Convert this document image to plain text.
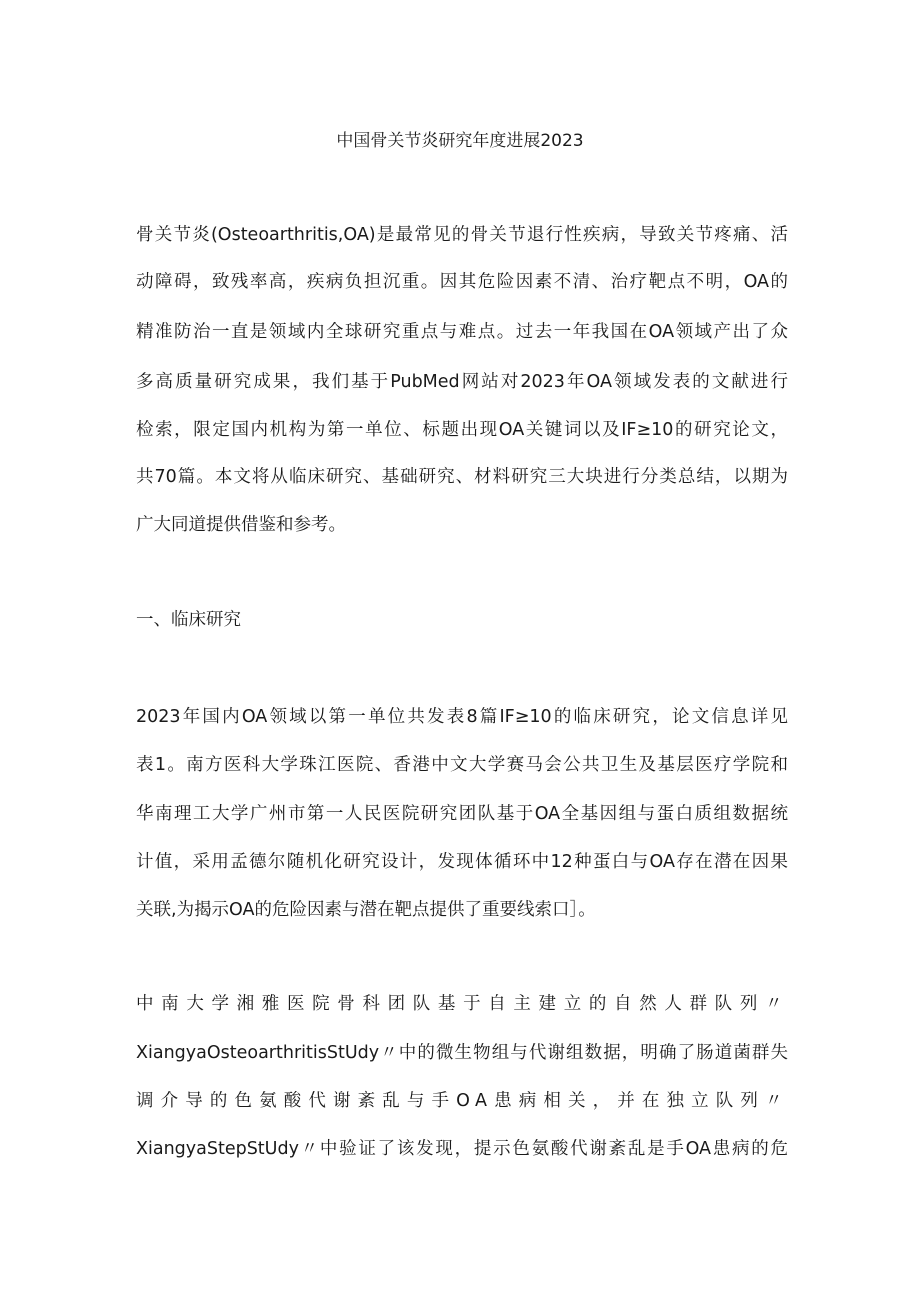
中国骨关节炎研究年度进展2023
骨关节炎(Osteoarthritis,OA)是最常见的骨关节退行性疾病，导致关节疼痛、活
动障碍，致残率高，疾病负担沉重。因其危险因素不清、治疗靶点不明，OA的
精准防治一直是领域内全球研究重点与难点。过去一年我国在OA领域产出了众
多高质量研究成果，我们基于PubMed网站对2023年OA领域发表的文献进行
检索，限定国内机构为第一单位、标题出现OA关键词以及IF≥10的研究论文，
共70篇。本文将从临床研究、基础研究、材料研究三大块进行分类总结，以期为
广大同道提供借鉴和参考。
一、临床研究
2023年国内OA领域以第一单位共发表8篇IF≥10的临床研究，论文信息详见
表1。南方医科大学珠江医院、香港中文大学赛马会公共卫生及基层医疗学院和
华南理工大学广州市第一人民医院研究团队基于OA全基因组与蛋白质组数据统
计值，采用孟德尔随机化研究设计，发现体循环中12种蛋白与OA存在潜在因果
关联,为揭示OA的危险因素与潜在靶点提供了重要线索口］。
中南大学湘雅医院骨科团队基于自主建立的自然人群队列〃
XiangyaOsteoarthritisStUdy〃中的微生物组与代谢组数据，明确了肠道菌群失
调介导的色氨酸代谢紊乱与手OA患病相关，并在独立队列〃
XiangyaStepStUdy〃中验证了该发现，提示色氨酸代谢紊乱是手OA患病的危
